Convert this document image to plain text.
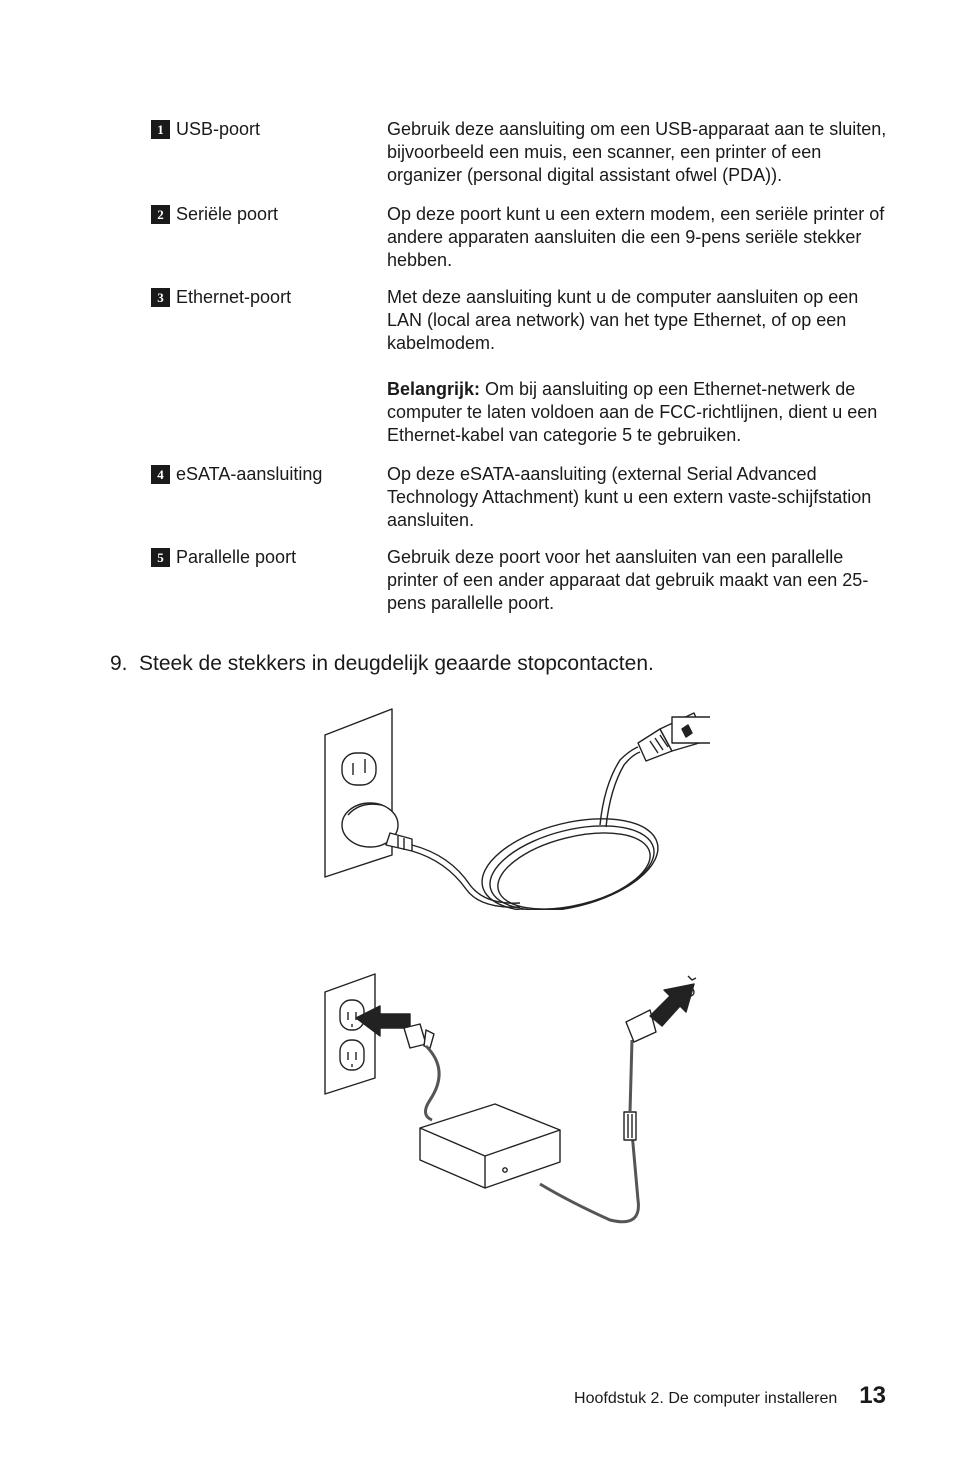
1 USB-poort	Gebruik deze aansluiting om een USB-apparaat aan te sluiten, bijvoorbeeld een muis, een scanner, een printer of een organizer (personal digital assistant ofwel (PDA)).

2 Seriële poort	Op deze poort kunt u een extern modem, een seriële printer of andere apparaten aansluiten die een 9-pens seriële stekker hebben.

3 Ethernet-poort	Met deze aansluiting kunt u de computer aansluiten op een LAN (local area network) van het type Ethernet, of op een kabelmodem.

Belangrijk: Om bij aansluiting op een Ethernet-netwerk de computer te laten voldoen aan de FCC-richtlijnen, dient u een Ethernet-kabel van categorie 5 te gebruiken.

4 eSATA-aansluiting	Op deze eSATA-aansluiting (external Serial Advanced Technology Attachment) kunt u een extern vaste-schijfstation aansluiten.

5 Parallelle poort	Gebruik deze poort voor het aansluiten van een parallelle printer of een ander apparaat dat gebruik maakt van een 25-pens parallelle poort.

9. Steek de stekkers in deugdelijk geaarde stopcontacten.
Hoofdstuk 2. De computer installeren 13
